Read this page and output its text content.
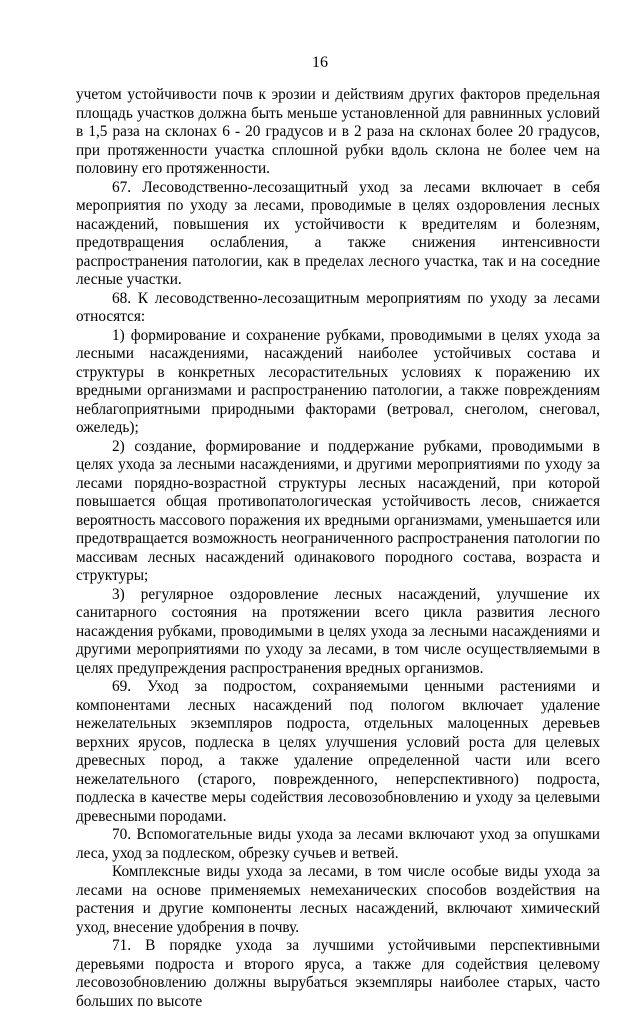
16

учетом устойчивости почв к эрозии и действиям других факторов предельная площадь участков должна быть меньше установленной для равнинных условий в 1,5 раза на склонах 6 - 20 градусов и в 2 раза на склонах более 20 градусов, при протяженности участка сплошной рубки вдоль склона не более чем на половину его протяженности.

67. Лесоводственно-лесозащитный уход за лесами включает в себя мероприятия по уходу за лесами, проводимые в целях оздоровления лесных насаждений, повышения их устойчивости к вредителям и болезням, предотвращения ослабления, а также снижения интенсивности распространения патологии, как в пределах лесного участка, так и на соседние лесные участки.

68. К лесоводственно-лесозащитным мероприятиям по уходу за лесами относятся:

1) формирование и сохранение рубками, проводимыми в целях ухода за лесными насаждениями, насаждений наиболее устойчивых состава и структуры в конкретных лесорастительных условиях к поражению их вредными организмами и распространению патологии, а также повреждениям неблагоприятными природными факторами (ветровал, снеголом, снеговал, ожеледь);

2) создание, формирование и поддержание рубками, проводимыми в целях ухода за лесными насаждениями, и другими мероприятиями по уходу за лесами порядно-возрастной структуры лесных насаждений, при которой повышается общая противопатологическая устойчивость лесов, снижается вероятность массового поражения их вредными организмами, уменьшается или предотвращается возможность неограниченного распространения патологии по массивам лесных насаждений одинакового породного состава, возраста и структуры;

3) регулярное оздоровление лесных насаждений, улучшение их санитарного состояния на протяжении всего цикла развития лесного насаждения рубками, проводимыми в целях ухода за лесными насаждениями и другими мероприятиями по уходу за лесами, в том числе осуществляемыми в целях предупреждения распространения вредных организмов.

69. Уход за подростом, сохраняемыми ценными растениями и компонентами лесных насаждений под пологом включает удаление нежелательных экземпляров подроста, отдельных малоценных деревьев верхних ярусов, подлеска в целях улучшения условий роста для целевых древесных пород, а также удаление определенной части или всего нежелательного (старого, поврежденного, неперспективного) подроста, подлеска в качестве меры содействия лесовозобновлению и уходу за целевыми древесными породами.

70. Вспомогательные виды ухода за лесами включают уход за опушками леса, уход за подлеском, обрезку сучьев и ветвей.

Комплексные виды ухода за лесами, в том числе особые виды ухода за лесами на основе применяемых немеханических способов воздействия на растения и другие компоненты лесных насаждений, включают химический уход, внесение удобрения в почву.

71. В порядке ухода за лучшими устойчивыми перспективными деревьями подроста и второго яруса, а также для содействия целевому лесовозобновлению должны вырубаться экземпляры наиболее старых, часто больших по высоте
